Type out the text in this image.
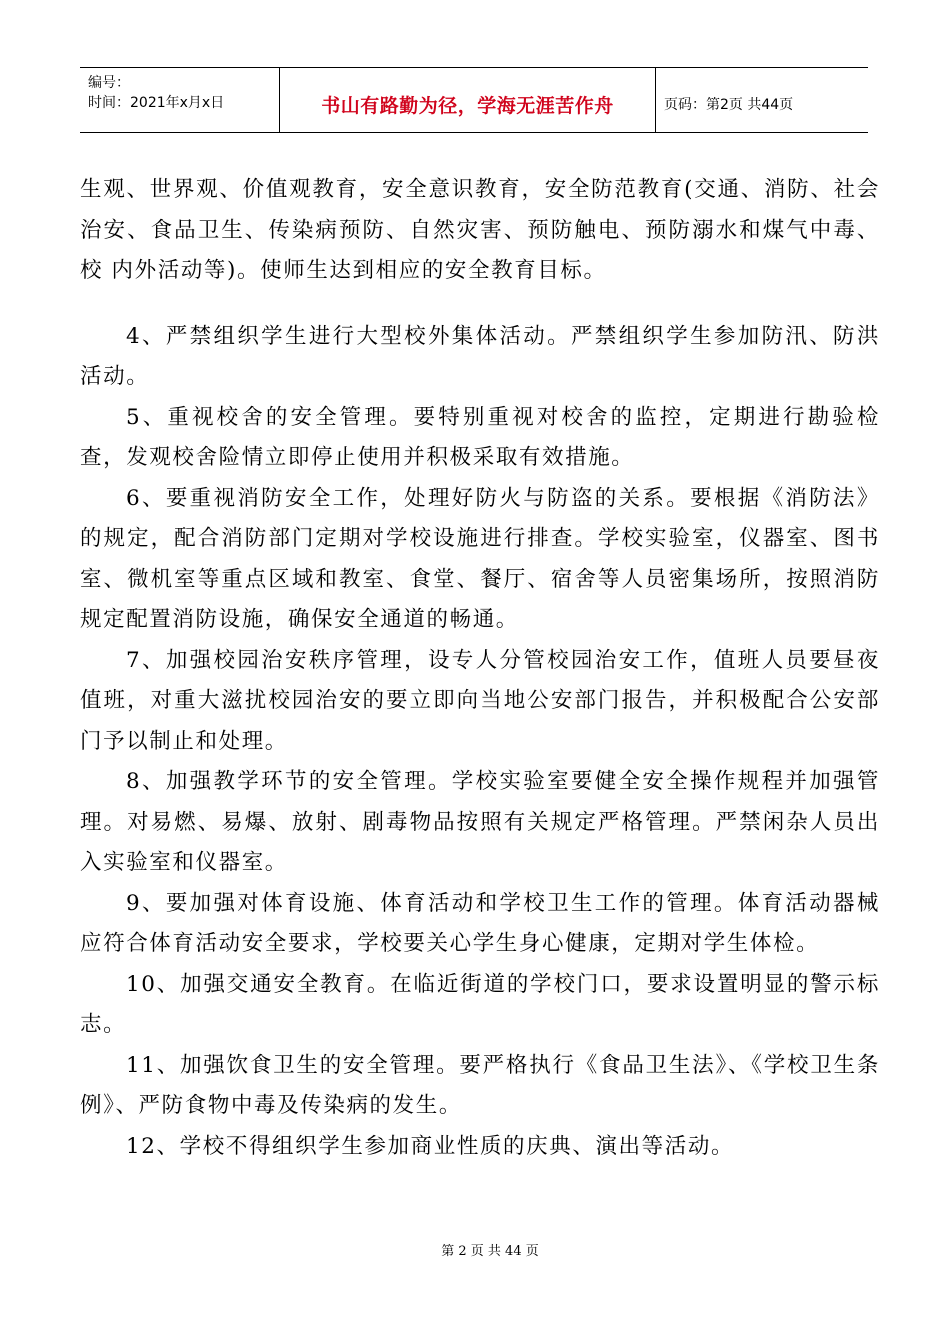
编号：
时间：2021年x月x日	书山有路勤为径，学海无涯苦作舟	页码：第2页 共44页

生观、世界观、价值观教育，安全意识教育，安全防范教育(交通、消防、社会治安、食品卫生、传染病预防、自然灾害、预防触电、预防溺水和煤气中毒、校 内外活动等)。使师生达到相应的安全教育目标。

4、严禁组织学生进行大型校外集体活动。严禁组织学生参加防汛、防洪活动。

5、重视校舍的安全管理。要特别重视对校舍的监控，定期进行勘验检查，发观校舍险情立即停止使用并积极采取有效措施。

6、要重视消防安全工作，处理好防火与防盗的关系。要根据《消防法》的规定，配合消防部门定期对学校设施进行排查。学校实验室，仪器室、图书室、微机室等重点区域和教室、食堂、餐厅、宿舍等人员密集场所，按照消防规定配置消防设施，确保安全通道的畅通。

7、加强校园治安秩序管理，设专人分管校园治安工作，值班人员要昼夜值班，对重大滋扰校园治安的要立即向当地公安部门报告，并积极配合公安部门予以制止和处理。

8、加强教学环节的安全管理。学校实验室要健全安全操作规程并加强管理。对易燃、易爆、放射、剧毒物品按照有关规定严格管理。严禁闲杂人员出入实验室和仪器室。

9、要加强对体育设施、体育活动和学校卫生工作的管理。体育活动器械应符合体育活动安全要求，学校要关心学生身心健康，定期对学生体检。

10、加强交通安全教育。在临近街道的学校门口，要求设置明显的警示标志。

11、加强饮食卫生的安全管理。要严格执行《食品卫生法》、《学校卫生条例》、严防食物中毒及传染病的发生。

12、学校不得组织学生参加商业性质的庆典、演出等活动。

第 2 页 共 44 页
